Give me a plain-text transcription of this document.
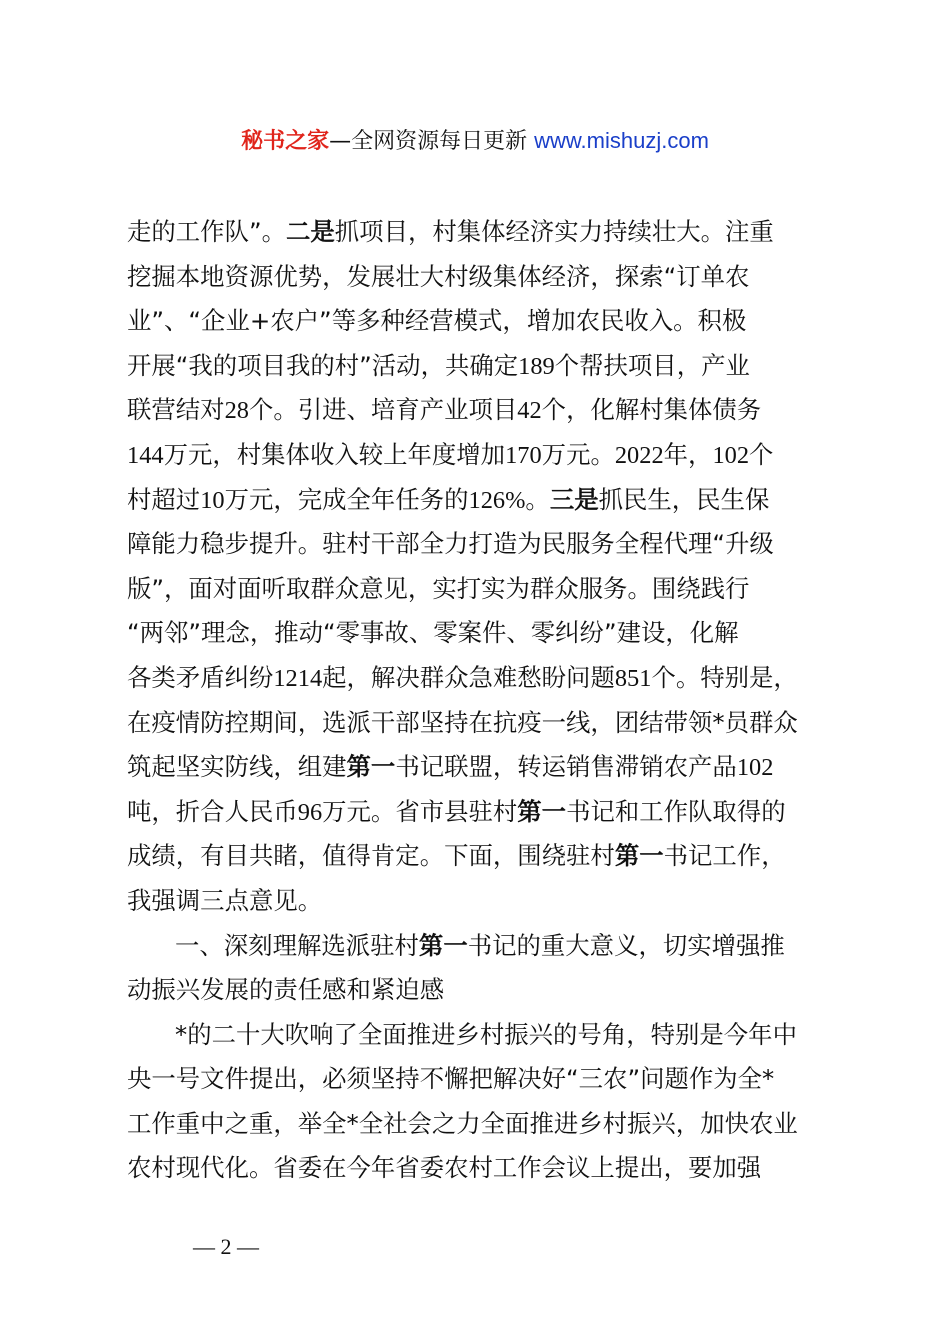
秘书之家—全网资源每日更新 www.mishuzj.com
走的工作队”。二是抓项目，村集体经济实力持续壮大。注重
挖掘本地资源优势，发展壮大村级集体经济，探索“订单农
业”、“企业+农户”等多种经营模式，增加农民收入。积极
开展“我的项目我的村”活动，共确定189个帮扶项目，产业
联营结对28个。引进、培育产业项目42个，化解村集体债务
144万元，村集体收入较上年度增加170万元。2022年，102个
村超过10万元，完成全年任务的126%。三是抓民生，民生保
障能力稳步提升。驻村干部全力打造为民服务全程代理“升级
版”，面对面听取群众意见，实打实为群众服务。围绕践行
“两邻”理念，推动“零事故、零案件、零纠纷”建设，化解
各类矛盾纠纷1214起，解决群众急难愁盼问题851个。特别是，
在疫情防控期间，选派干部坚持在抗疫一线，团结带领*员群众
筑起坚实防线，组建第一书记联盟，转运销售滞销农产品102
吨，折合人民币96万元。省市县驻村第一书记和工作队取得的
成绩，有目共睹，值得肯定。下面，围绕驻村第一书记工作，
我强调三点意见。
一、深刻理解选派驻村第一书记的重大意义，切实增强推
动振兴发展的责任感和紧迫感
*的二十大吹响了全面推进乡村振兴的号角，特别是今年中
央一号文件提出，必须坚持不懈把解决好“三农”问题作为全*
工作重中之重，举全*全社会之力全面推进乡村振兴，加快农业
农村现代化。省委在今年省委农村工作会议上提出，要加强
— 2 —
